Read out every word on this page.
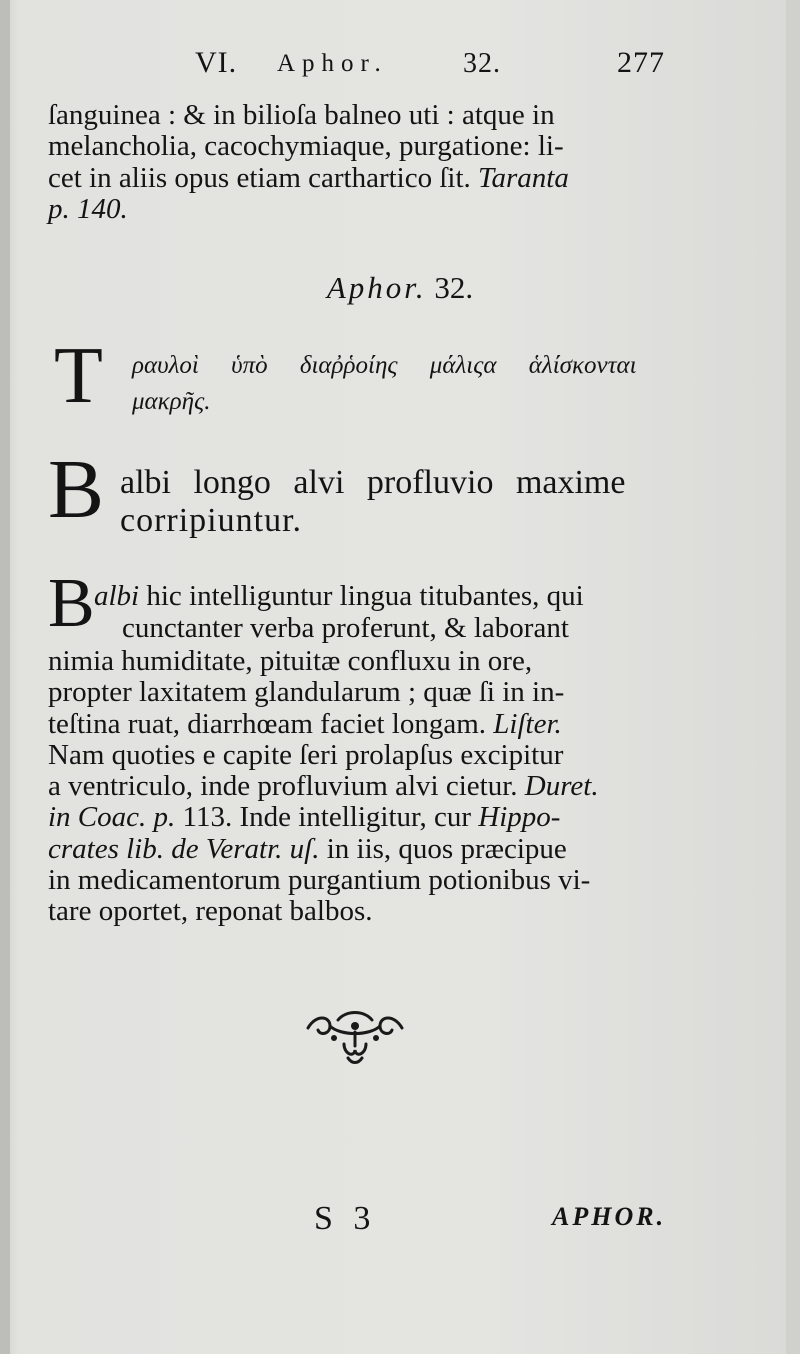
VI. Aphor.	32.	277

ſanguinea : & in bilioſa balneo uti : atque in

melancholia, cacochymiaque, purgatione: li-

cet in aliis opus etiam carthartico ſit. Taranta

p. 140.

Aphor. 32.
T ραυλοὶ ὑπὸ διαῤῥοίης μάλιςα ἁλίσκονται
μακρῆς.
B albi longo alvi profluvio maxime
corripiuntur.
B albi hic intelliguntur lingua titubantes, qui
cunctanter verba proferunt, & laborant

nimia humiditate, pituitæ confluxu in ore,

propter laxitatem glandularum ; quæ ſi in in-

teſtina ruat, diarrhœam faciet longam. Liſter.

Nam quoties e capite ſeri prolapſus excipitur

a ventriculo, inde profluvium alvi cietur. Duret.

in Coac. p. 113. Inde intelligitur, cur Hippo-

crates lib. de Veratr. uſ. in iis, quos præcipue

in medicamentorum purgantium potionibus vi-

tare oportet, reponat balbos.

S 3	APHOR.
